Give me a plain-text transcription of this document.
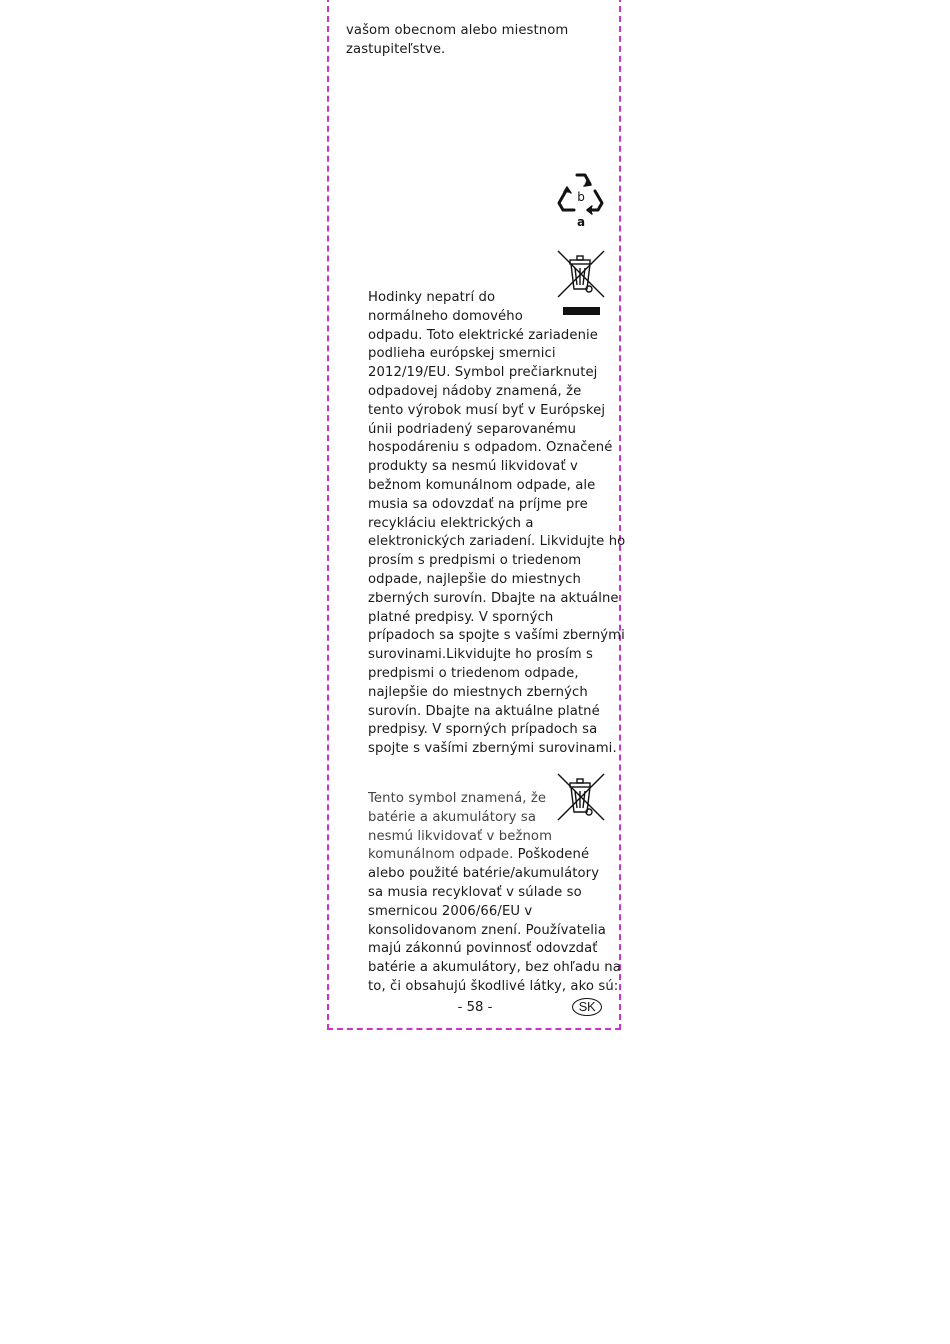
vašom obecnom alebo miestnom
zastupiteľstve.

b
a

Hodinky nepatrí do
normálneho domového
odpadu. Toto elektrické zariadenie
podlieha európskej smernici
2012/19/EU. Symbol prečiarknutej
odpadovej nádoby znamená, že
tento výrobok musí byť v Európskej
únii podriadený separovanému
hospodáreniu s odpadom. Označené
produkty sa nesmú likvidovať v
bežnom komunálnom odpade, ale
musia sa odovzdať na príjme pre
recykláciu elektrických a
elektronických zariadení. Likvidujte ho
prosím s predpismi o triedenom
odpade, najlepšie do miestnych
zberných surovín. Dbajte na aktuálne
platné predpisy. V sporných
prípadoch sa spojte s vašími zbernými
surovinami.Likvidujte ho prosím s
predpismi o triedenom odpade,
najlepšie do miestnych zberných
surovín. Dbajte na aktuálne platné
predpisy. V sporných prípadoch sa
spojte s vašími zbernými surovinami.

Tento symbol znamená, že
batérie a akumulátory sa
nesmú likvidovať v bežnom
komunálnom odpade. Poškodené
alebo použité batérie/akumulátory
sa musia recyklovať v súlade so
smernicou 2006/66/EU v
konsolidovanom znení. Používatelia
majú zákonnú povinnosť odovzdať
batérie a akumulátory, bez ohľadu na
to, či obsahujú škodlivé látky, ako sú:

- 58 -	SK
